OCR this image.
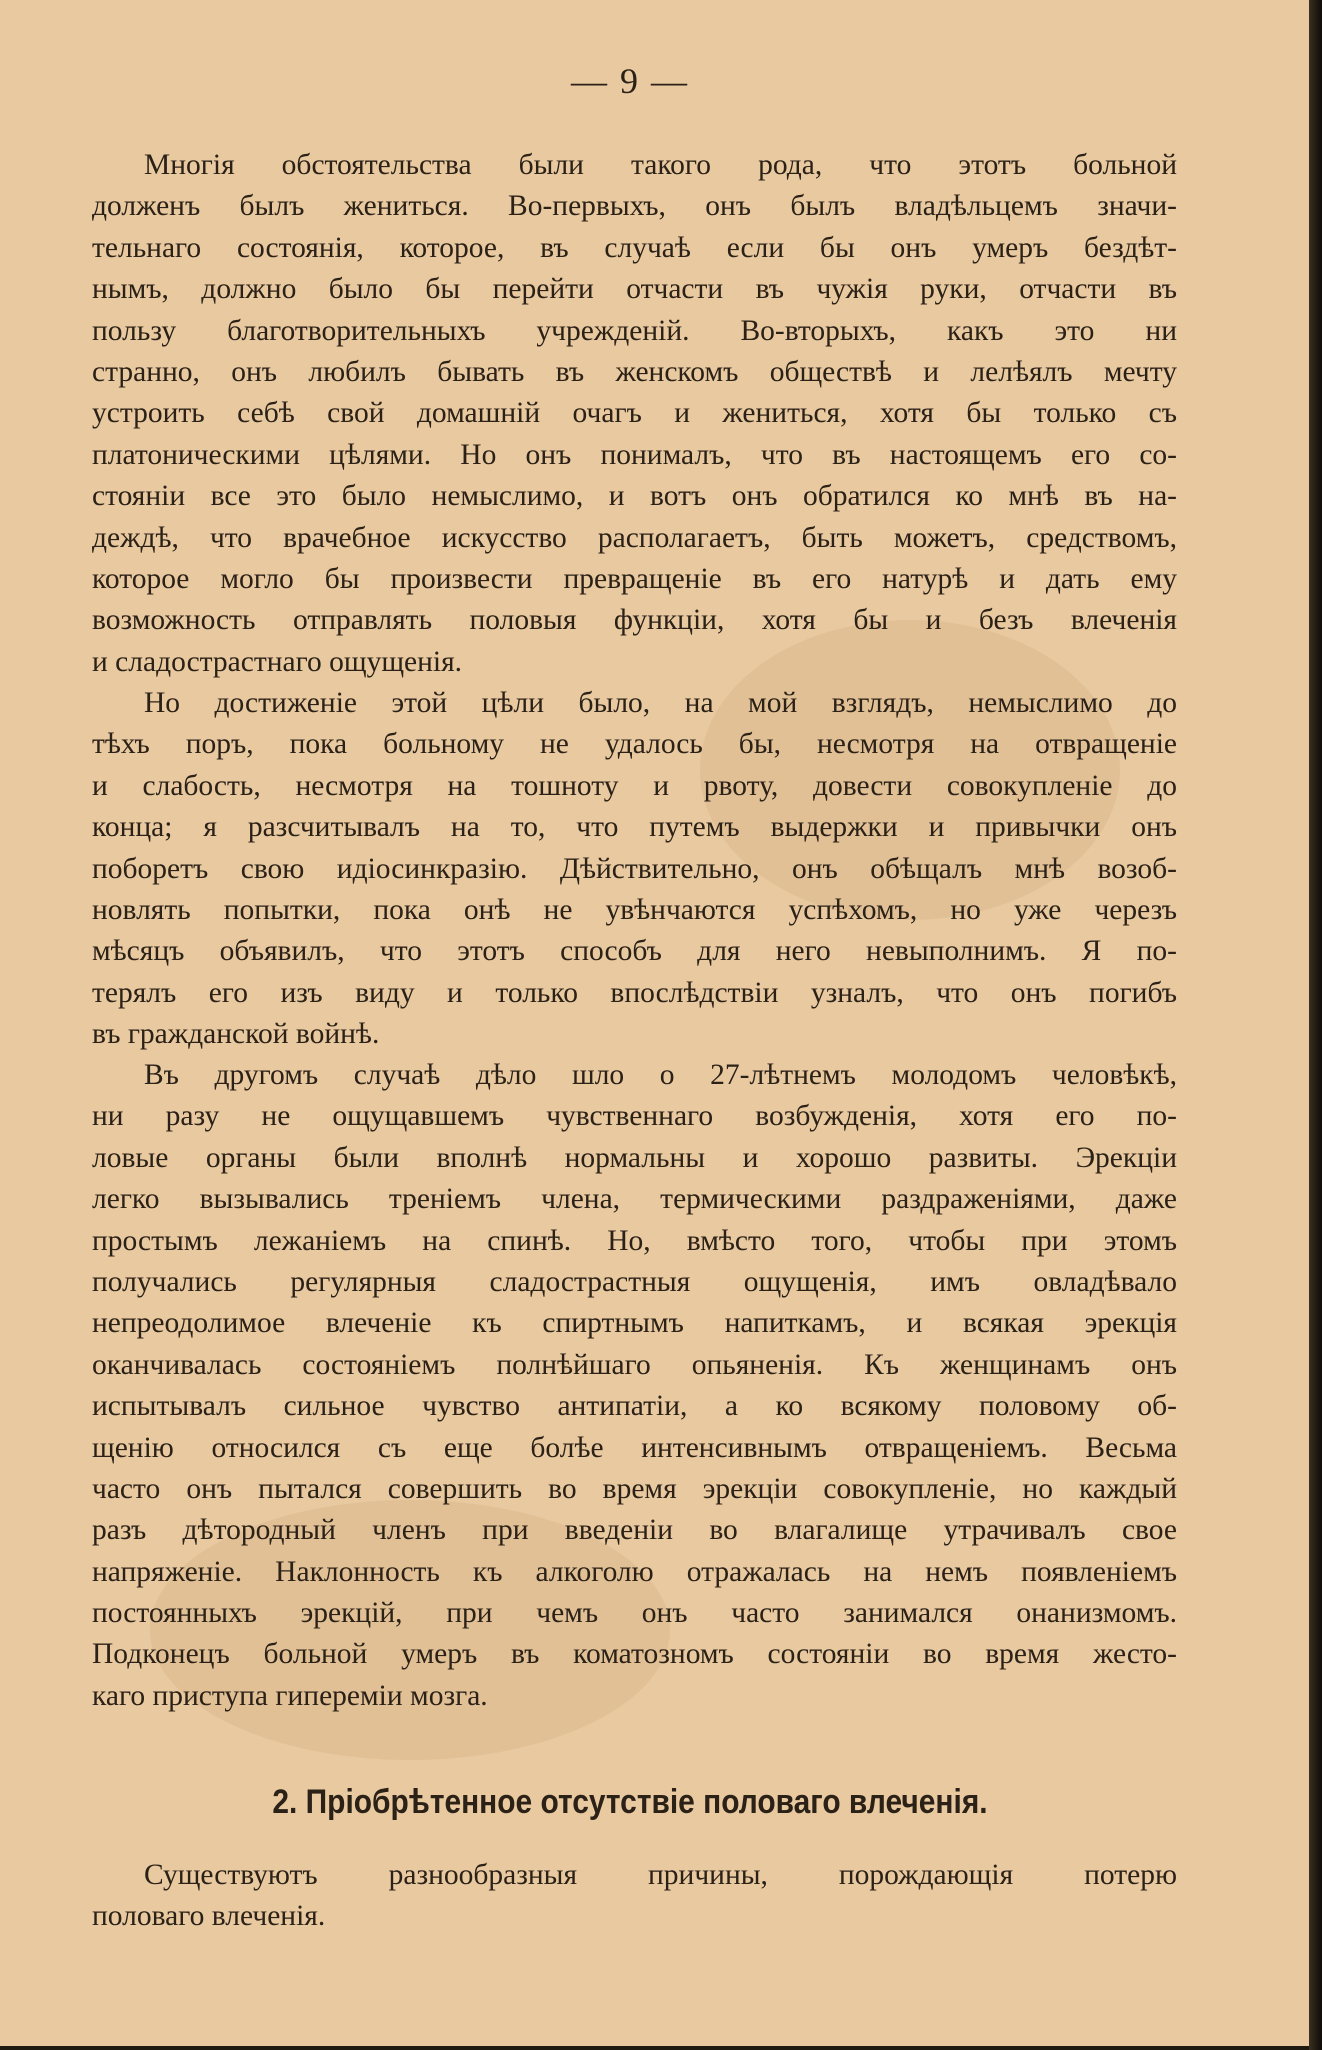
— 9 —
Многія обстоятельства были такого рода, что этотъ больной
долженъ былъ жениться. Во-первыхъ, онъ былъ владѣльцемъ значи-
тельнаго состоянія, которое, въ случаѣ если бы онъ умеръ бездѣт-
нымъ, должно было бы перейти отчасти въ чужія руки, отчасти въ
пользу благотворительныхъ учрежденій. Во-вторыхъ, какъ это ни
странно, онъ любилъ бывать въ женскомъ обществѣ и лелѣялъ мечту
устроить себѣ свой домашній очагъ и жениться, хотя бы только съ
платоническими цѣлями. Но онъ понималъ, что въ настоящемъ его со-
стояніи все это было немыслимо, и вотъ онъ обратился ко мнѣ въ на-
деждѣ, что врачебное искусство располагаетъ, быть можетъ, средствомъ,
которое могло бы произвести превращеніе въ его натурѣ и дать ему
возможность отправлять половыя функціи, хотя бы и безъ влеченія
и сладострастнаго ощущенія.
Но достиженіе этой цѣли было, на мой взглядъ, немыслимо до
тѣхъ поръ, пока больному не удалось бы, несмотря на отвращеніе
и слабость, несмотря на тошноту и рвоту, довести совокупленіе до
конца; я разсчитывалъ на то, что путемъ выдержки и привычки онъ
поборетъ свою идіосинкразію. Дѣйствительно, онъ обѣщалъ мнѣ возоб-
новлять попытки, пока онѣ не увѣнчаются успѣхомъ, но уже черезъ
мѣсяцъ объявилъ, что этотъ способъ для него невыполнимъ. Я по-
терялъ его изъ виду и только впослѣдствіи узналъ, что онъ погибъ
въ гражданской войнѣ.
Въ другомъ случаѣ дѣло шло о 27-лѣтнемъ молодомъ человѣкѣ,
ни разу не ощущавшемъ чувственнаго возбужденія, хотя его по-
ловые органы были вполнѣ нормальны и хорошо развиты. Эрекціи
легко вызывались треніемъ члена, термическими раздраженіями, даже
простымъ лежаніемъ на спинѣ. Но, вмѣсто того, чтобы при этомъ
получались регулярныя сладострастныя ощущенія, имъ овладѣвало
непреодолимое влеченіе къ спиртнымъ напиткамъ, и всякая эрекція
оканчивалась состояніемъ полнѣйшаго опьяненія. Къ женщинамъ онъ
испытывалъ сильное чувство антипатіи, а ко всякому половому об-
щенію относился съ еще болѣе интенсивнымъ отвращеніемъ. Весьма
часто онъ пытался совершить во время эрекціи совокупленіе, но каждый
разъ дѣтородный членъ при введеніи во влагалище утрачивалъ свое
напряженіе. Наклонность къ алкоголю отражалась на немъ появленіемъ
постоянныхъ эрекцій, при чемъ онъ часто занимался онанизмомъ.
Подконецъ больной умеръ въ коматозномъ состояніи во время жесто-
каго приступа гипереміи мозга.
2. Пріобрѣтенное отсутствіе половаго влеченія.
Существуютъ разнообразныя причины, порождающія потерю
половаго влеченія.
